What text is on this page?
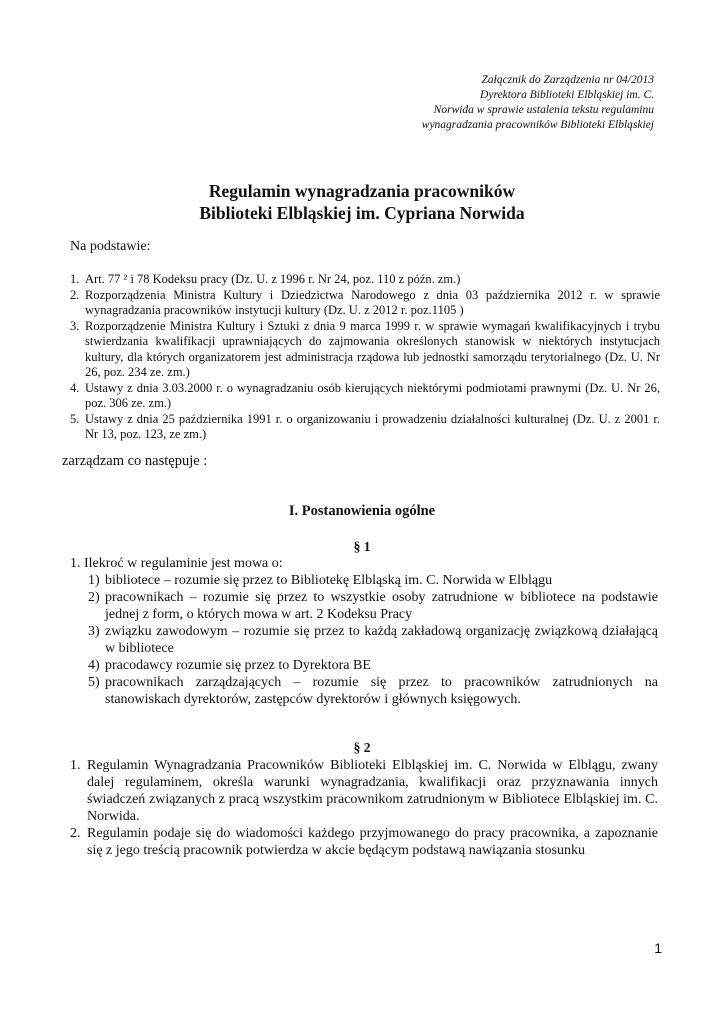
Załącznik do Zarządzenia nr 04/2013
Dyrektora Biblioteki Elbląskiej im. C.
Norwida w sprawie ustalenia tekstu regulaminu
wynagradzania pracowników Biblioteki Elbląskiej
Regulamin wynagradzania pracowników
Biblioteki Elbląskiej im. Cypriana Norwida
Na podstawie:
1. Art. 77 ² i 78 Kodeksu pracy (Dz. U. z 1996 r. Nr 24, poz. 110 z późn. zm.)
2. Rozporządzenia Ministra Kultury i Dziedzictwa Narodowego z dnia 03 października 2012 r. w sprawie wynagradzania pracowników instytucji kultury (Dz. U. z 2012 r. poz.1105 )
3. Rozporządzenie Ministra Kultury i Sztuki z dnia 9 marca 1999 r. w sprawie wymagań kwalifikacyjnych i trybu stwierdzania kwalifikacji uprawniających do zajmowania określonych stanowisk w niektórych instytucjach kultury, dla których organizatorem jest administracja rządowa lub jednostki samorządu terytorialnego (Dz. U. Nr 26, poz. 234 ze. zm.)
4. Ustawy z dnia 3.03.2000 r. o wynagradzaniu osób kierujących niektórymi podmiotami prawnymi (Dz. U. Nr 26, poz. 306 ze. zm.)
5. Ustawy z dnia 25 października 1991 r. o organizowaniu i prowadzeniu działalności kulturalnej (Dz. U. z 2001 r. Nr 13, poz. 123, ze zm.)
zarządzam co następuje :
I. Postanowienia ogólne
§ 1
1. Ilekroć w regulaminie jest mowa o:
1) bibliotece – rozumie się przez to Bibliotekę Elbląską im. C. Norwida w Elblągu
2) pracownikach – rozumie się przez to wszystkie osoby zatrudnione w bibliotece na podstawie jednej z form, o których mowa w art. 2 Kodeksu Pracy
3) związku zawodowym – rozumie się przez to każdą zakładową organizację związkową działającą w bibliotece
4) pracodawcy rozumie się przez to Dyrektora BE
5) pracownikach zarządzających – rozumie się przez to pracowników zatrudnionych na stanowiskach dyrektorów, zastępców dyrektorów i głównych księgowych.
§ 2
1. Regulamin Wynagradzania Pracowników Biblioteki Elbląskiej im. C. Norwida w Elblągu, zwany dalej regulaminem, określa warunki wynagradzania, kwalifikacji oraz przyznawania innych świadczeń związanych z pracą wszystkim pracownikom zatrudnionym w Bibliotece Elbląskiej im. C. Norwida.
2. Regulamin podaje się do wiadomości każdego przyjmowanego do pracy pracownika, a zapoznanie się z jego treścią pracownik potwierdza w akcie będącym podstawą nawiązania stosunku
1
